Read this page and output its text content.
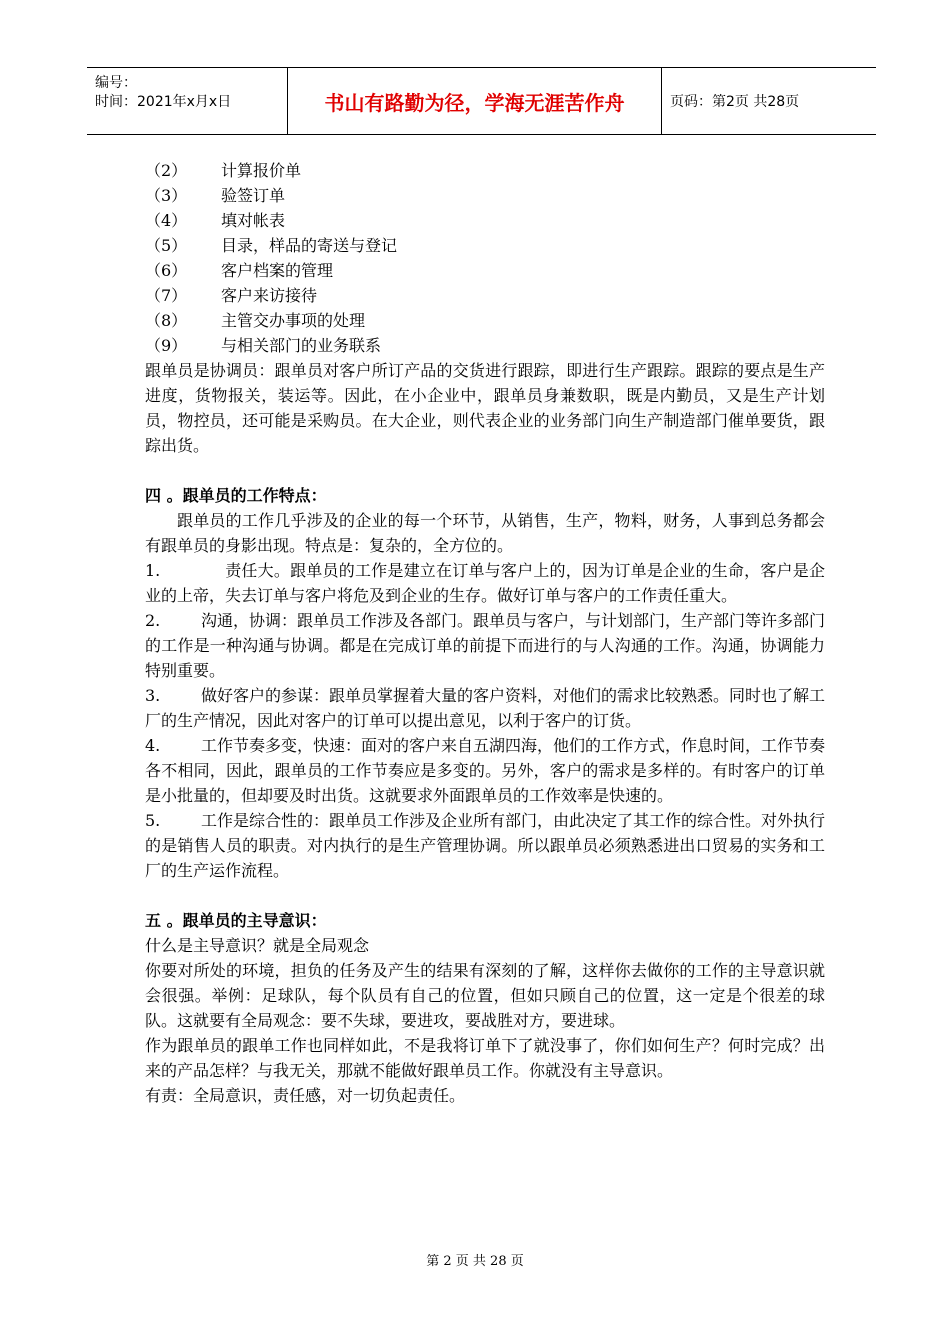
编号：
时间：2021年x月x日	书山有路勤为径，学海无涯苦作舟	页码：第2页 共28页
（2）	计算报价单
（3）	验签订单
（4）	填对帐表
（5）	目录，样品的寄送与登记
（6）	客户档案的管理
（7）	客户来访接待
（8）	主管交办事项的处理
（9）	与相关部门的业务联系
跟单员是协调员：跟单员对客户所订产品的交货进行跟踪，即进行生产跟踪。跟踪的要点是生产进度，货物报关，装运等。因此，在小企业中，跟单员身兼数职，既是内勤员，又是生产计划员，物控员，还可能是采购员。在大企业，则代表企业的业务部门向生产制造部门催单要货，跟踪出货。
四 。跟单员的工作特点：
跟单员的工作几乎涉及的企业的每一个环节，从销售，生产，物料，财务，人事到总务都会有跟单员的身影出现。特点是：复杂的，全方位的。
1.	责任大。跟单员的工作是建立在订单与客户上的，因为订单是企业的生命，客户是企业的上帝，失去订单与客户将危及到企业的生存。做好订单与客户的工作责任重大。
2.	沟通，协调：跟单员工作涉及各部门。跟单员与客户，与计划部门，生产部门等许多部门的工作是一种沟通与协调。都是在完成订单的前提下而进行的与人沟通的工作。沟通，协调能力特别重要。
3.	做好客户的参谋：跟单员掌握着大量的客户资料，对他们的需求比较熟悉。同时也了解工厂的生产情况，因此对客户的订单可以提出意见，以利于客户的订货。
4.	工作节奏多变，快速：面对的客户来自五湖四海，他们的工作方式，作息时间，工作节奏各不相同，因此，跟单员的工作节奏应是多变的。另外，客户的需求是多样的。有时客户的订单是小批量的，但却要及时出货。这就要求外面跟单员的工作效率是快速的。
5.	工作是综合性的：跟单员工作涉及企业所有部门，由此决定了其工作的综合性。对外执行的是销售人员的职责。对内执行的是生产管理协调。所以跟单员必须熟悉进出口贸易的实务和工厂的生产运作流程。
五 。跟单员的主导意识：
什么是主导意识？就是全局观念
你要对所处的环境，担负的任务及产生的结果有深刻的了解，这样你去做你的工作的主导意识就会很强。举例：足球队，每个队员有自己的位置，但如只顾自己的位置，这一定是个很差的球队。这就要有全局观念：要不失球，要进攻，要战胜对方，要进球。
作为跟单员的跟单工作也同样如此，不是我将订单下了就没事了，你们如何生产？何时完成？出来的产品怎样？与我无关，那就不能做好跟单员工作。你就没有主导意识。
有责：全局意识，责任感，对一切负起责任。
第 2 页 共 28 页
